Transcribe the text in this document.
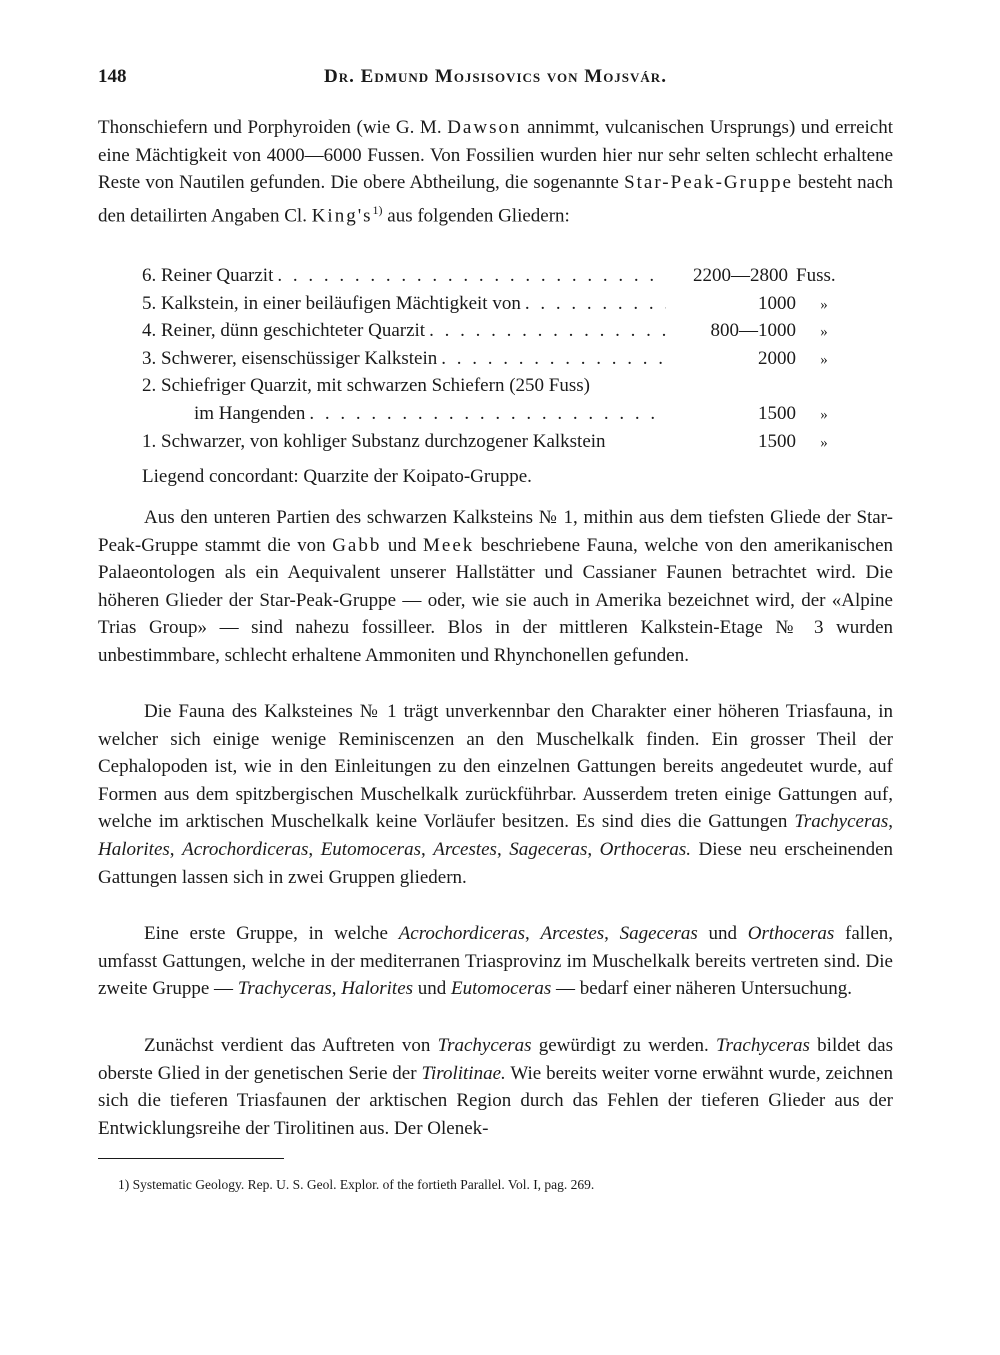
148	Dr. Edmund Mojsisovics von Mojsvár.

Thonschiefern und Porphyroiden (wie G. M. Dawson annimmt, vulcanischen Ursprungs) und erreicht eine Mächtigkeit von 4000—6000 Fussen. Von Fossilien wurden hier nur sehr selten schlecht erhaltene Reste von Nautilen gefunden. Die obere Abtheilung, die sogenannte Star-Peak-Gruppe besteht nach den detailirten Angaben Cl. $King's^{1)}$ aus folgenden Gliedern:

6. Reiner Quarzit . . .	2200—2800 Fuss.
5. Kalkstein, in einer beiläufigen Mächtigkeit von . . .	1000	»
4. Reiner, dünn geschichteter Quarzit . . .	800—1000	»
3. Schwerer, eisenschüssiger Kalkstein . . .	2000	»
2. Schiefriger Quarzit, mit schwarzen Schiefern (250 Fuss)
im Hangenden . . .	1500	»
1. Schwarzer, von kohliger Substanz durchzogener Kalkstein	1500	»
Liegend concordant: Quarzite der Koipato-Gruppe.

Aus den unteren Partien des schwarzen Kalksteins № 1, mithin aus dem tiefsten Gliede der Star-Peak-Gruppe stammt die von Gabb und Meek beschriebene Fauna, welche von den amerikanischen Palaeontologen als ein Aequivalent unserer Hallstätter und Cassianer Faunen betrachtet wird. Die höheren Glieder der Star-Peak-Gruppe — oder, wie sie auch in Amerika bezeichnet wird, der «Alpine Trias Group» — sind nahezu fossilleer. Blos in der mittleren Kalkstein-Etage № 3 wurden unbestimmbare, schlecht erhaltene Ammoniten und Rhynchonellen gefunden.

Die Fauna des Kalksteines № 1 trägt unverkennbar den Charakter einer höheren Triasfauna, in welcher sich einige wenige Reminiscenzen an den Muschelkalk finden. Ein grosser Theil der Cephalopoden ist, wie in den Einleitungen zu den einzelnen Gattungen bereits angedeutet wurde, auf Formen aus dem spitzbergischen Muschelkalk zurückführbar. Ausserdem treten einige Gattungen auf, welche im arktischen Muschelkalk keine Vorläufer besitzen. Es sind dies die Gattungen Trachyceras, Halorites, Acrochordiceras, Eutomoceras, Arcestes, Sageceras, Orthoceras. Diese neu erscheinenden Gattungen lassen sich in zwei Gruppen gliedern.

Eine erste Gruppe, in welche Acrochordiceras, Arcestes, Sageceras und Orthoceras fallen, umfasst Gattungen, welche in der mediterranen Triasprovinz im Muschelkalk bereits vertreten sind. Die zweite Gruppe — Trachyceras, Halorites und Eutomoceras — bedarf einer näheren Untersuchung.

Zunächst verdient das Auftreten von Trachyceras gewürdigt zu werden. Trachyceras bildet das oberste Glied in der genetischen Serie der Tirolitinae. Wie bereits weiter vorne erwähnt wurde, zeichnen sich die tieferen Triasfaunen der arktischen Region durch das Fehlen der tieferen Glieder aus der Entwicklungsreihe der Tirolitinen aus. Der Olenek-

1) Systematic Geology. Rep. U. S. Geol. Explor. of the fortieth Parallel. Vol. I, pag. 269.
